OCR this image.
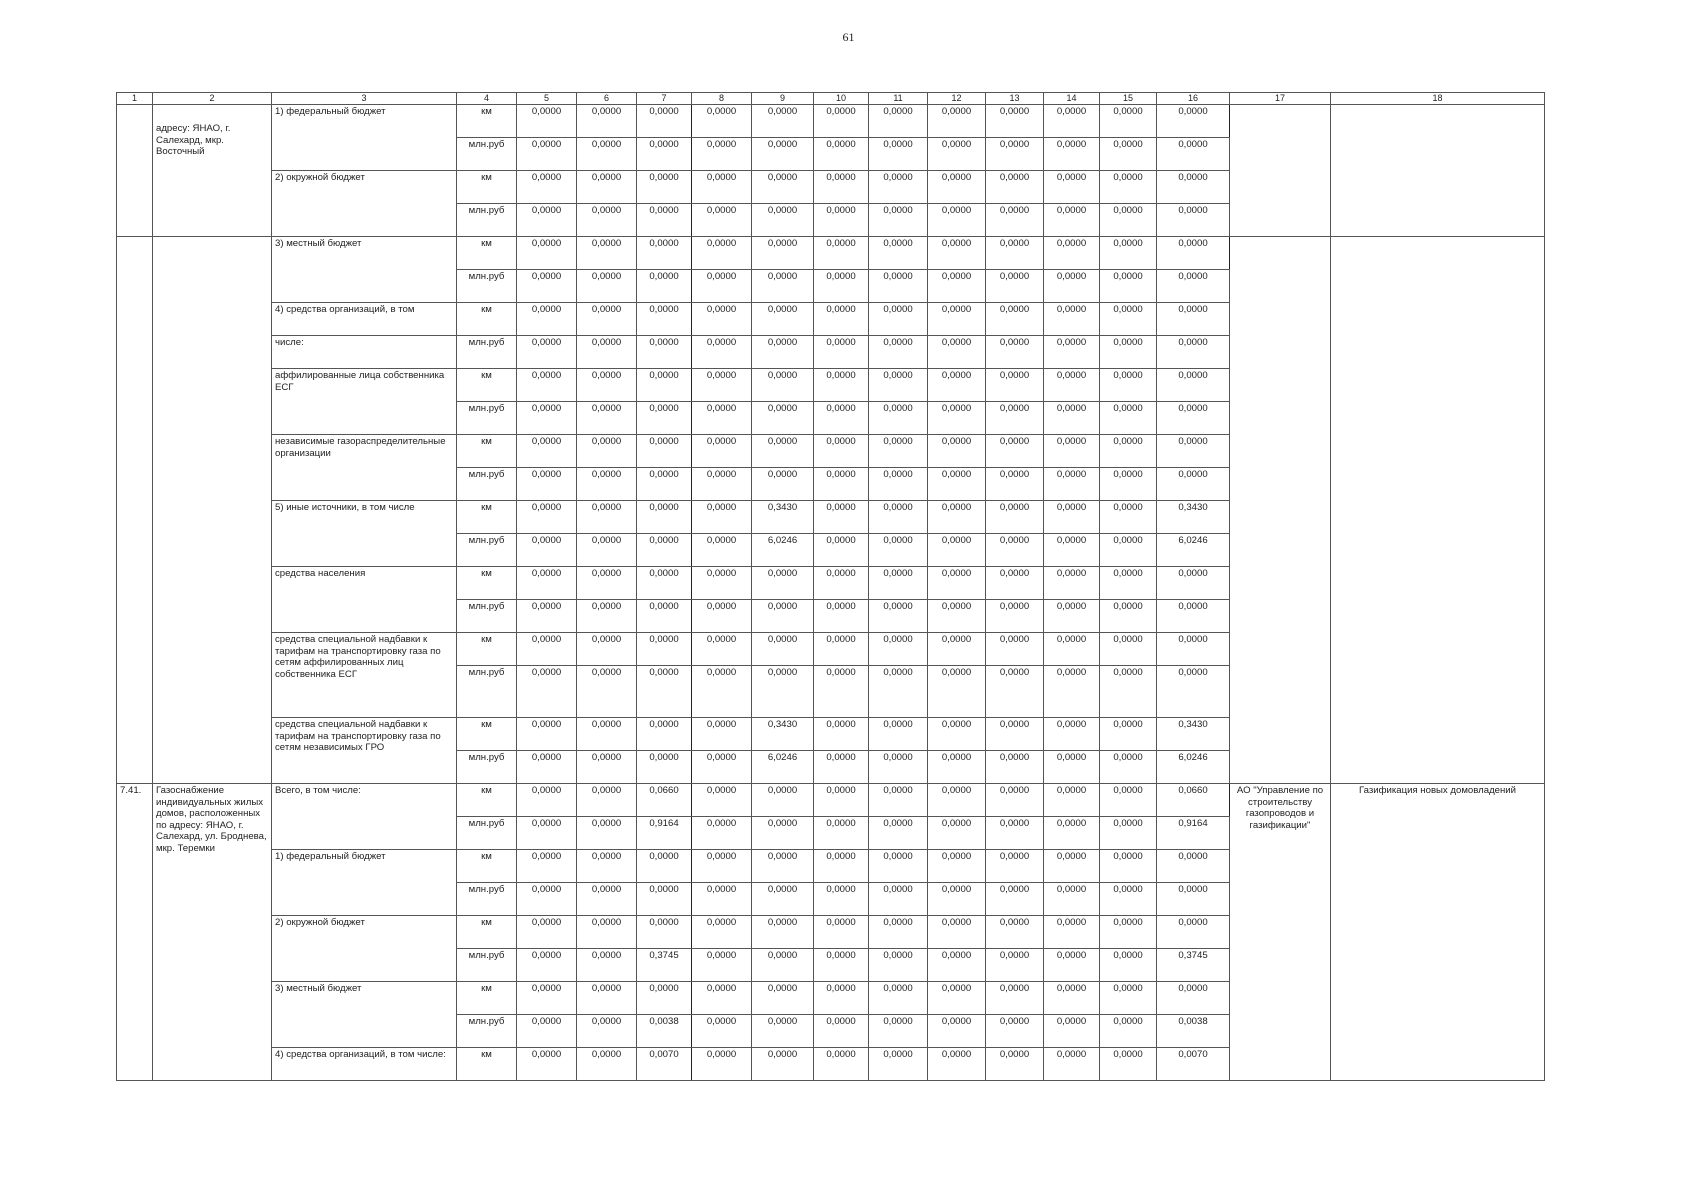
61
1	2	3	4	5	6	7	8	9	10	11	12	13	14	15	16	17	18
	адресу: ЯНАО, г. Салехард, мкр. Восточный	1) федеральный бюджет	км	0,0000	0,0000	0,0000	0,0000	0,0000	0,0000	0,0000	0,0000	0,0000	0,0000	0,0000	0,0000		
			млн.руб	0,0000	0,0000	0,0000	0,0000	0,0000	0,0000	0,0000	0,0000	0,0000	0,0000	0,0000	0,0000		
		2) окружной бюджет	км	0,0000	0,0000	0,0000	0,0000	0,0000	0,0000	0,0000	0,0000	0,0000	0,0000	0,0000	0,0000		
			млн.руб	0,0000	0,0000	0,0000	0,0000	0,0000	0,0000	0,0000	0,0000	0,0000	0,0000	0,0000	0,0000		
		3) местный бюджет	км	0,0000	0,0000	0,0000	0,0000	0,0000	0,0000	0,0000	0,0000	0,0000	0,0000	0,0000	0,0000		
			млн.руб	0,0000	0,0000	0,0000	0,0000	0,0000	0,0000	0,0000	0,0000	0,0000	0,0000	0,0000	0,0000		
		4) средства организаций, в том	км	0,0000	0,0000	0,0000	0,0000	0,0000	0,0000	0,0000	0,0000	0,0000	0,0000	0,0000	0,0000		
		числе:	млн.руб	0,0000	0,0000	0,0000	0,0000	0,0000	0,0000	0,0000	0,0000	0,0000	0,0000	0,0000	0,0000		
		аффилированные лица собственника ЕСГ	км	0,0000	0,0000	0,0000	0,0000	0,0000	0,0000	0,0000	0,0000	0,0000	0,0000	0,0000	0,0000		
			млн.руб	0,0000	0,0000	0,0000	0,0000	0,0000	0,0000	0,0000	0,0000	0,0000	0,0000	0,0000	0,0000		
		независимые газораспределительные организации	км	0,0000	0,0000	0,0000	0,0000	0,0000	0,0000	0,0000	0,0000	0,0000	0,0000	0,0000	0,0000		
			млн.руб	0,0000	0,0000	0,0000	0,0000	0,0000	0,0000	0,0000	0,0000	0,0000	0,0000	0,0000	0,0000		
		5) иные источники, в том числе	км	0,0000	0,0000	0,0000	0,0000	0,3430	0,0000	0,0000	0,0000	0,0000	0,0000	0,0000	0,3430		
			млн.руб	0,0000	0,0000	0,0000	0,0000	6,0246	0,0000	0,0000	0,0000	0,0000	0,0000	0,0000	6,0246		
		средства населения	км	0,0000	0,0000	0,0000	0,0000	0,0000	0,0000	0,0000	0,0000	0,0000	0,0000	0,0000	0,0000		
			млн.руб	0,0000	0,0000	0,0000	0,0000	0,0000	0,0000	0,0000	0,0000	0,0000	0,0000	0,0000	0,0000		
		средства специальной надбавки к тарифам на транспортировку газа по сетям аффилированных лиц собственника ЕСГ	км	0,0000	0,0000	0,0000	0,0000	0,0000	0,0000	0,0000	0,0000	0,0000	0,0000	0,0000	0,0000		
			млн.руб	0,0000	0,0000	0,0000	0,0000	0,0000	0,0000	0,0000	0,0000	0,0000	0,0000	0,0000	0,0000		
		средства специальной надбавки к тарифам на транспортировку газа по сетям независимых ГРО	км	0,0000	0,0000	0,0000	0,0000	0,3430	0,0000	0,0000	0,0000	0,0000	0,0000	0,0000	0,3430		
			млн.руб	0,0000	0,0000	0,0000	0,0000	6,0246	0,0000	0,0000	0,0000	0,0000	0,0000	0,0000	6,0246		
7.41.	Газоснабжение индивидуальных жилых домов, расположенных по адресу: ЯНАО, г. Салехард, ул. Броднева, мкр. Теремки	Всего, в том числе:	км	0,0000	0,0000	0,0660	0,0000	0,0000	0,0000	0,0000	0,0000	0,0000	0,0000	0,0000	0,0660	АО "Управление по строительству газопроводов и газификации"	Газификация новых домовладений
			млн.руб	0,0000	0,0000	0,9164	0,0000	0,0000	0,0000	0,0000	0,0000	0,0000	0,0000	0,0000	0,9164		
		1) федеральный бюджет	км	0,0000	0,0000	0,0000	0,0000	0,0000	0,0000	0,0000	0,0000	0,0000	0,0000	0,0000	0,0000		
			млн.руб	0,0000	0,0000	0,0000	0,0000	0,0000	0,0000	0,0000	0,0000	0,0000	0,0000	0,0000	0,0000		
		2) окружной бюджет	км	0,0000	0,0000	0,0000	0,0000	0,0000	0,0000	0,0000	0,0000	0,0000	0,0000	0,0000	0,0000		
			млн.руб	0,0000	0,0000	0,3745	0,0000	0,0000	0,0000	0,0000	0,0000	0,0000	0,0000	0,0000	0,3745		
		3) местный бюджет	км	0,0000	0,0000	0,0000	0,0000	0,0000	0,0000	0,0000	0,0000	0,0000	0,0000	0,0000	0,0000		
			млн.руб	0,0000	0,0000	0,0038	0,0000	0,0000	0,0000	0,0000	0,0000	0,0000	0,0000	0,0000	0,0038		
		4) средства организаций, в том числе:	км	0,0000	0,0000	0,0070	0,0000	0,0000	0,0000	0,0000	0,0000	0,0000	0,0000	0,0000	0,0070		
